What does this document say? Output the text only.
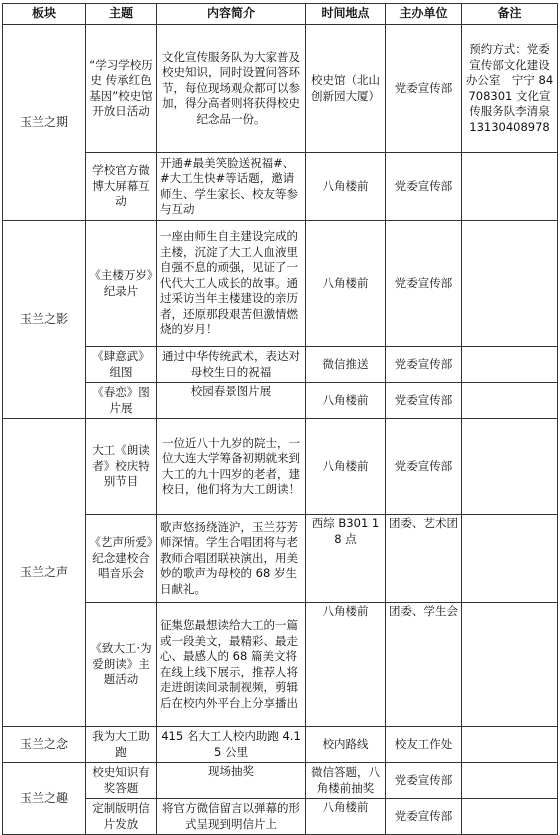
板块	主题	内容简介	时间地点	主办单位	备注
玉兰之期	“学习学校历史 传承红色基因”校史馆开放日活动	文化宣传服务队为大家普及校史知识，同时设置问答环节，每位现场观众都可以参加，得分高者则将获得校史纪念品一份。	校史馆（北山创新园大厦）	党委宣传部	预约方式：党委宣传部文化建设办公室　宁宁 84708301 文化宣传服务队李清泉 13130408978
	学校官方微博大屏幕互动	开通#最美笑脸送祝福#、#大工生快#等话题，邀请师生、学生家长、校友等参与互动	八角楼前	党委宣传部	
玉兰之影	《主楼万岁》纪录片	一座由师生自主建设完成的主楼，沉淀了大工人血液里自强不息的顽强，见证了一代代大工人成长的故事。通过采访当年主楼建设的亲历者，还原那段艰苦但激情燃烧的岁月！	八角楼前	党委宣传部	
	《肆意武》组图	通过中华传统武术，表达对母校生日的祝福	微信推送	党委宣传部	
	《春恋》图片展	校园春景图片展	八角楼前	党委宣传部	
玉兰之声	大工《朗读者》校庆特别节目	一位近八十九岁的院士，一位大连大学筹备初期就来到大工的九十四岁的老者，建校日，他们将为大工朗读！	八角楼前	党委宣传部	
	《艺声所爱》纪念建校合唱音乐会	歌声悠扬绕涟沪，玉兰芬芳师深情。学生合唱团将与老教师合唱团联袂演出，用美妙的歌声为母校的 68 岁生日献礼。	西综 B301 18 点	团委、艺术团	
	《致大工·为爱朗读》主题活动	征集您最想读给大工的一篇或一段美文，最精彩、最走心、最感人的 68 篇美文将在线上线下展示，推荐人将走进朗读间录制视频，剪辑后在校内外平台上分享播出	八角楼前	团委、学生会	
玉兰之念	我为大工助跑	415 名大工人校内助跑 4.15 公里	校内路线	校友工作处	
玉兰之趣	校史知识有奖答题	现场抽奖	微信答题，八角楼前抽奖	党委宣传部	
	定制版明信片发放	将官方微信留言以弹幕的形式呈现到明信片上	八角楼前	党委宣传部	
